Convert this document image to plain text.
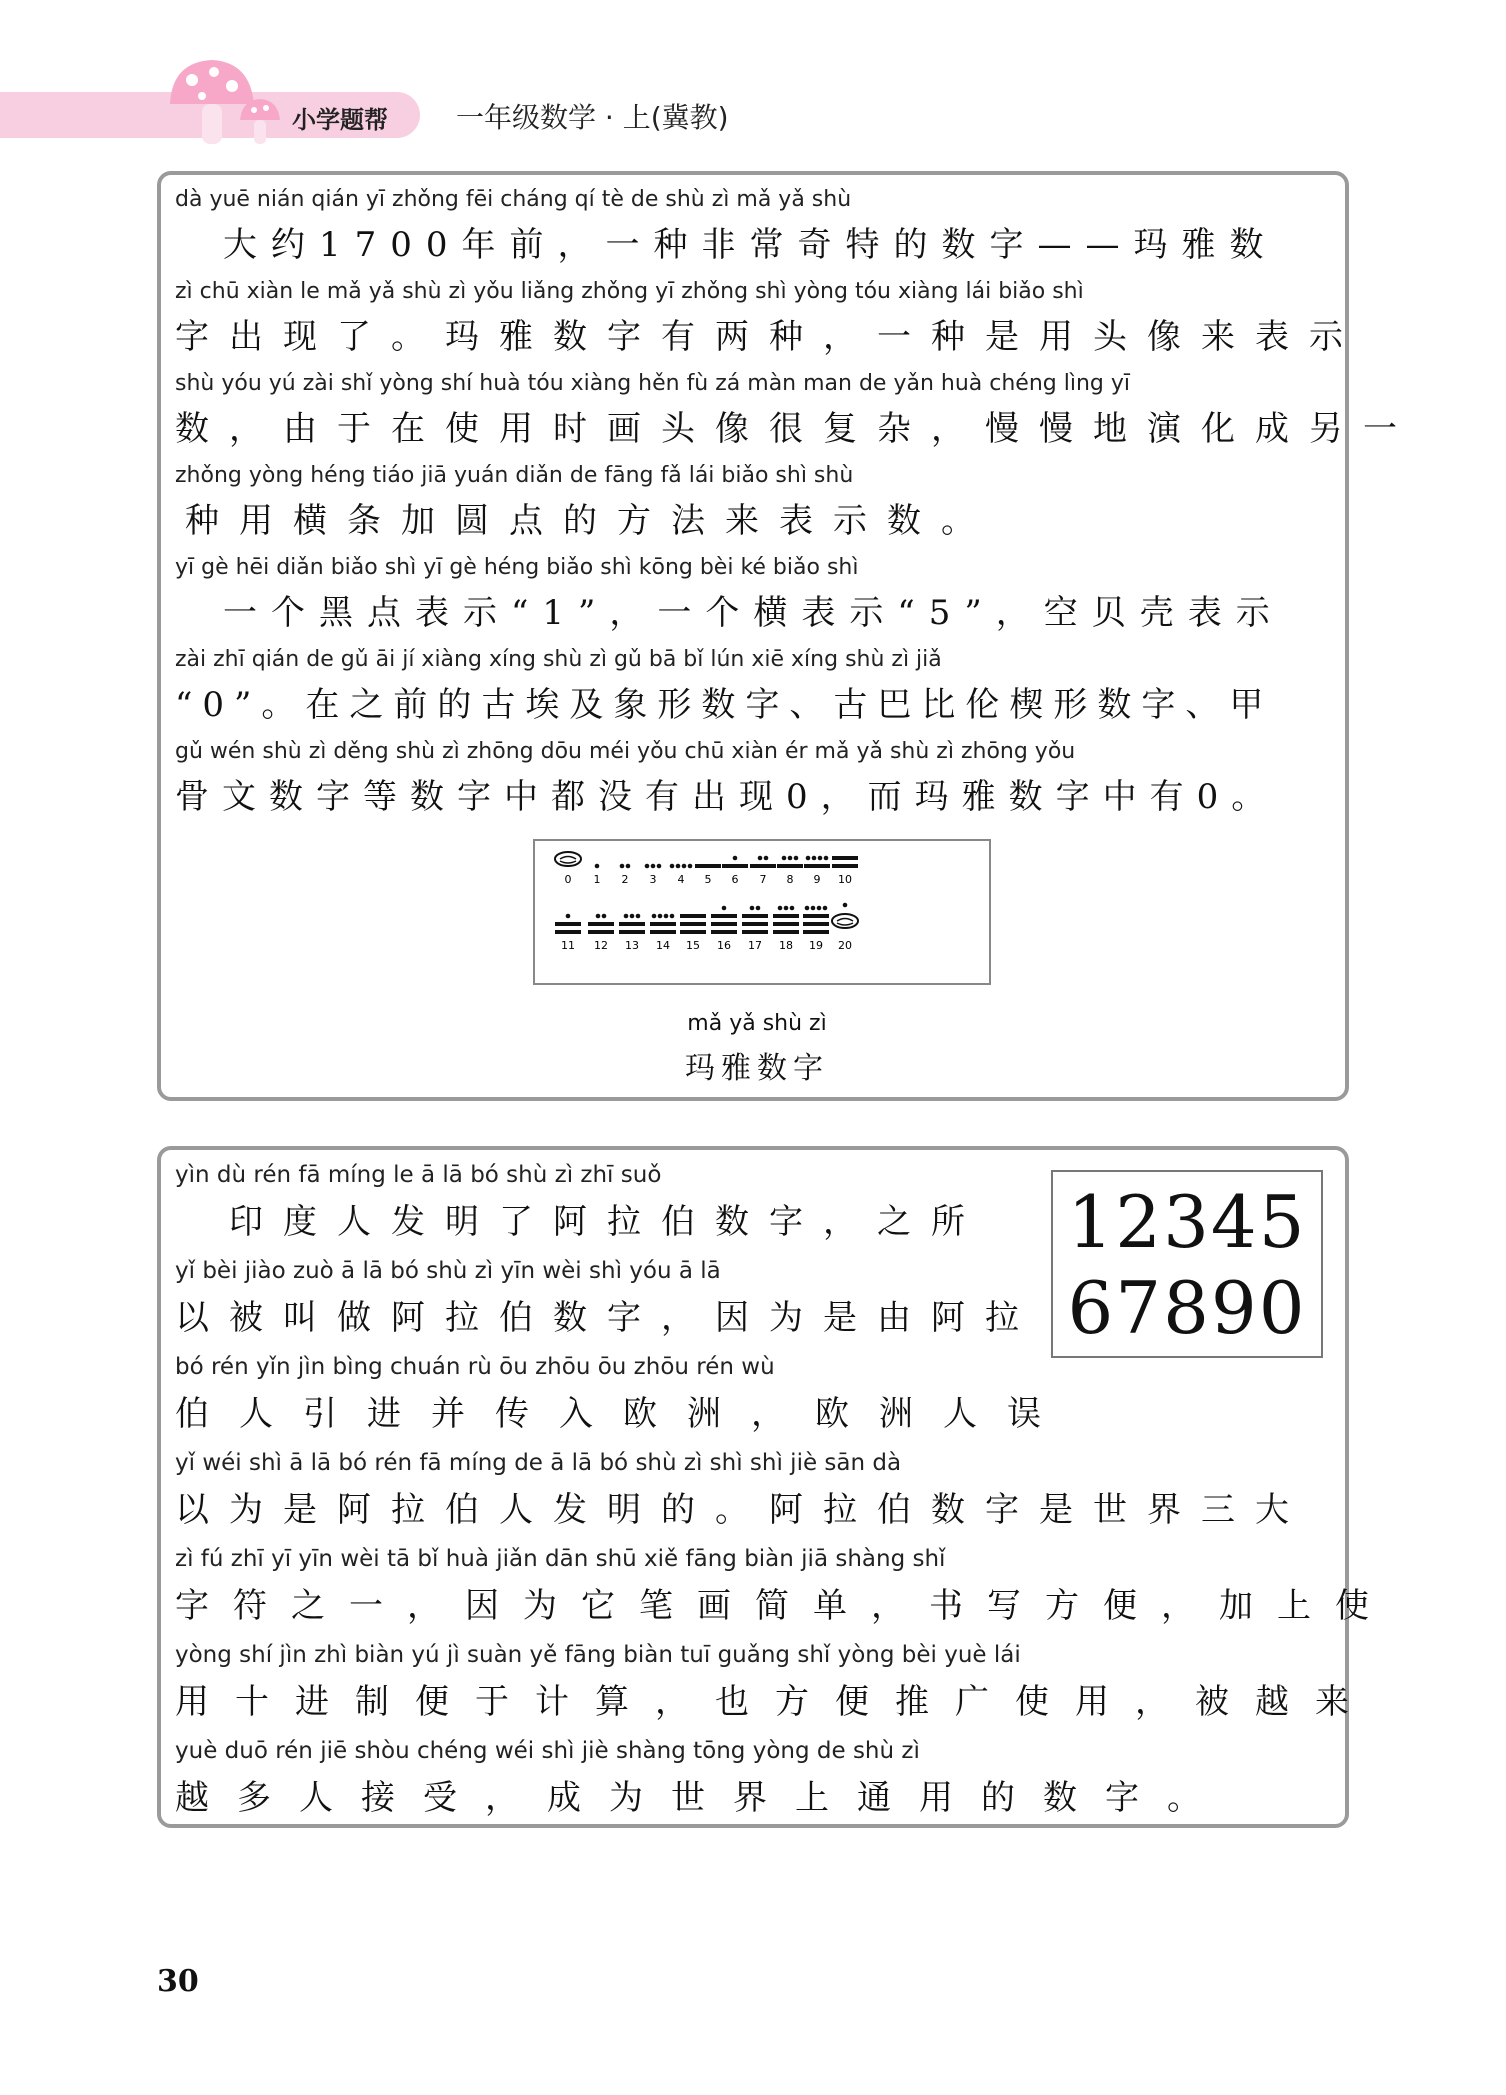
小学题帮 一年级数学 · 上(冀教)
dà yuē nián qián yī zhǒng fēi cháng qí tè de shù zì mǎ yǎ shù
　大约1700年前，一种非常奇特的数字——玛雅数
zì chū xiàn le mǎ yǎ shù zì yǒu liǎng zhǒng yī zhǒng shì yòng tóu xiàng lái biǎo shì
字出现了。玛雅数字有两种，一种是用头像来表示
shù yóu yú zài shǐ yòng shí huà tóu xiàng hěn fù zá màn man de yǎn huà chéng lìng yī
数，由于在使用时画头像很复杂，慢慢地演化成另一
zhǒng yòng héng tiáo jiā yuán diǎn de fāng fǎ lái biǎo shì shù
种用横条加圆点的方法来表示数。
yī gè hēi diǎn biǎo shì yī gè héng biǎo shì kōng bèi ké biǎo shì
　一个黑点表示“1”，一个横表示“5”，空贝壳表示
zài zhī qián de gǔ āi jí xiàng xíng shù zì gǔ bā bǐ lún xiē xíng shù zì jiǎ
“0”。在之前的古埃及象形数字、古巴比伦楔形数字、甲
gǔ wén shù zì děng shù zì zhōng dōu méi yǒu chū xiàn ér mǎ yǎ shù zì zhōng yǒu
骨文数字等数字中都没有出现0，而玛雅数字中有0。
0 1 2 3 4 5 6 7 8 9 10
11 12 13 14 15 16 17 18 19 20
mǎ yǎ shù zì
玛雅数字
yìn dù rén fā míng le ā lā bó shù zì zhī suǒ
　印度人发明了阿拉伯数字，之所
yǐ bèi jiào zuò ā lā bó shù zì yīn wèi shì yóu ā lā
以被叫做阿拉伯数字，因为是由阿拉
bó rén yǐn jìn bìng chuán rù ōu zhōu ōu zhōu rén wù
伯人引进并传入欧洲，欧洲人误
yǐ wéi shì ā lā bó rén fā míng de ā lā bó shù zì shì shì jiè sān dà
以为是阿拉伯人发明的。阿拉伯数字是世界三大
zì fú zhī yī yīn wèi tā bǐ huà jiǎn dān shū xiě fāng biàn jiā shàng shǐ
字符之一，因为它笔画简单，书写方便，加上使
yòng shí jìn zhì biàn yú jì suàn yě fāng biàn tuī guǎng shǐ yòng bèi yuè lái
用十进制便于计算，也方便推广使用，被越来
yuè duō rén jiē shòu chéng wéi shì jiè shàng tōng yòng de shù zì
越多人接受，成为世界上通用的数字。
12345
67890
30
